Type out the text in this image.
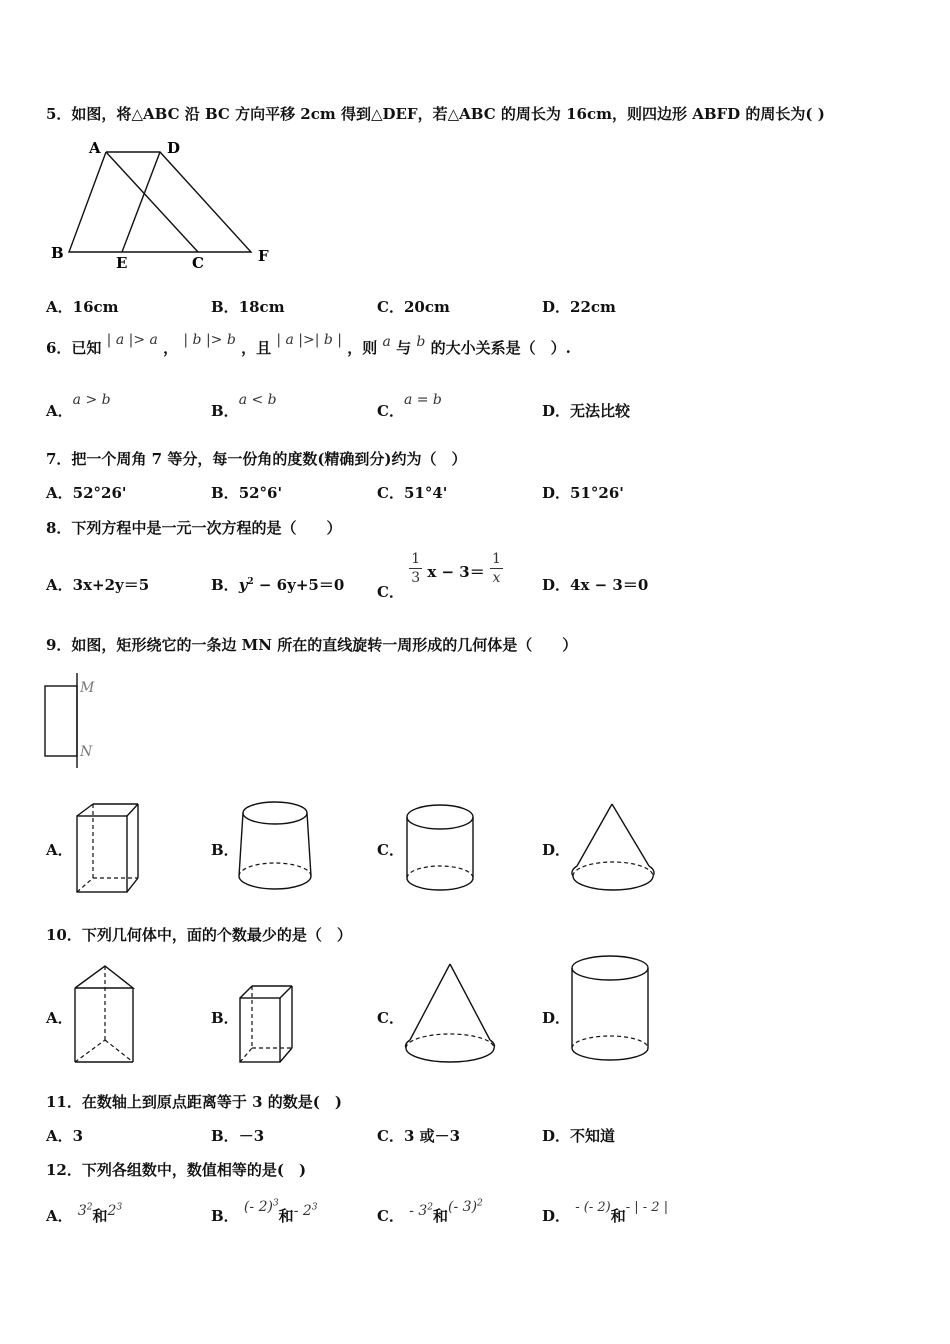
5．如图，将△ABC 沿 BC 方向平移 2cm 得到△DEF，若△ABC 的周长为 16cm，则四边形 ABFD 的周长为( )
A	D
B
E	C	F
A．16cm	B．18cm	C．20cm	D．22cm
6．已知 | a |> a ， | b |> b ，且 | a |>| b | ，则 a 与 b 的大小关系是（　）.
A．a > b
B．a < b
C．a = b
D．无法比较
7．把一个周角 7 等分，每一份角的度数(精确到分)约为（　）
A．52°26'	B．52°6'	C．51°4'	D．51°26'
8．下列方程中是一元一次方程的是（　　）
A．3x+2y＝5	B．$y^2 - 6y+5=0$ C．
$\frac{1}{3}$ $x - 3= \frac{1}{x}$	D．4x − 3＝0
9．如图，矩形绕它的一条边 MN 所在的直线旋转一周形成的几何体是（　　）
M
N
A．	B．	C．	D．
10．下列几何体中，面的个数最少的是（　）
A．	B．	C．	D．
11．在数轴上到原点距离等于 3 的数是(　)
A．3	B．－3	C．3 或－3	D．不知道
12．下列各组数中，数值相等的是(　)
A． $3^2$和$2^3$	B． (- 2)$^3$和- $2^3$	C． - $3^2$和(- 3)$^2$
D． - (- 2)和- | - 2 |
